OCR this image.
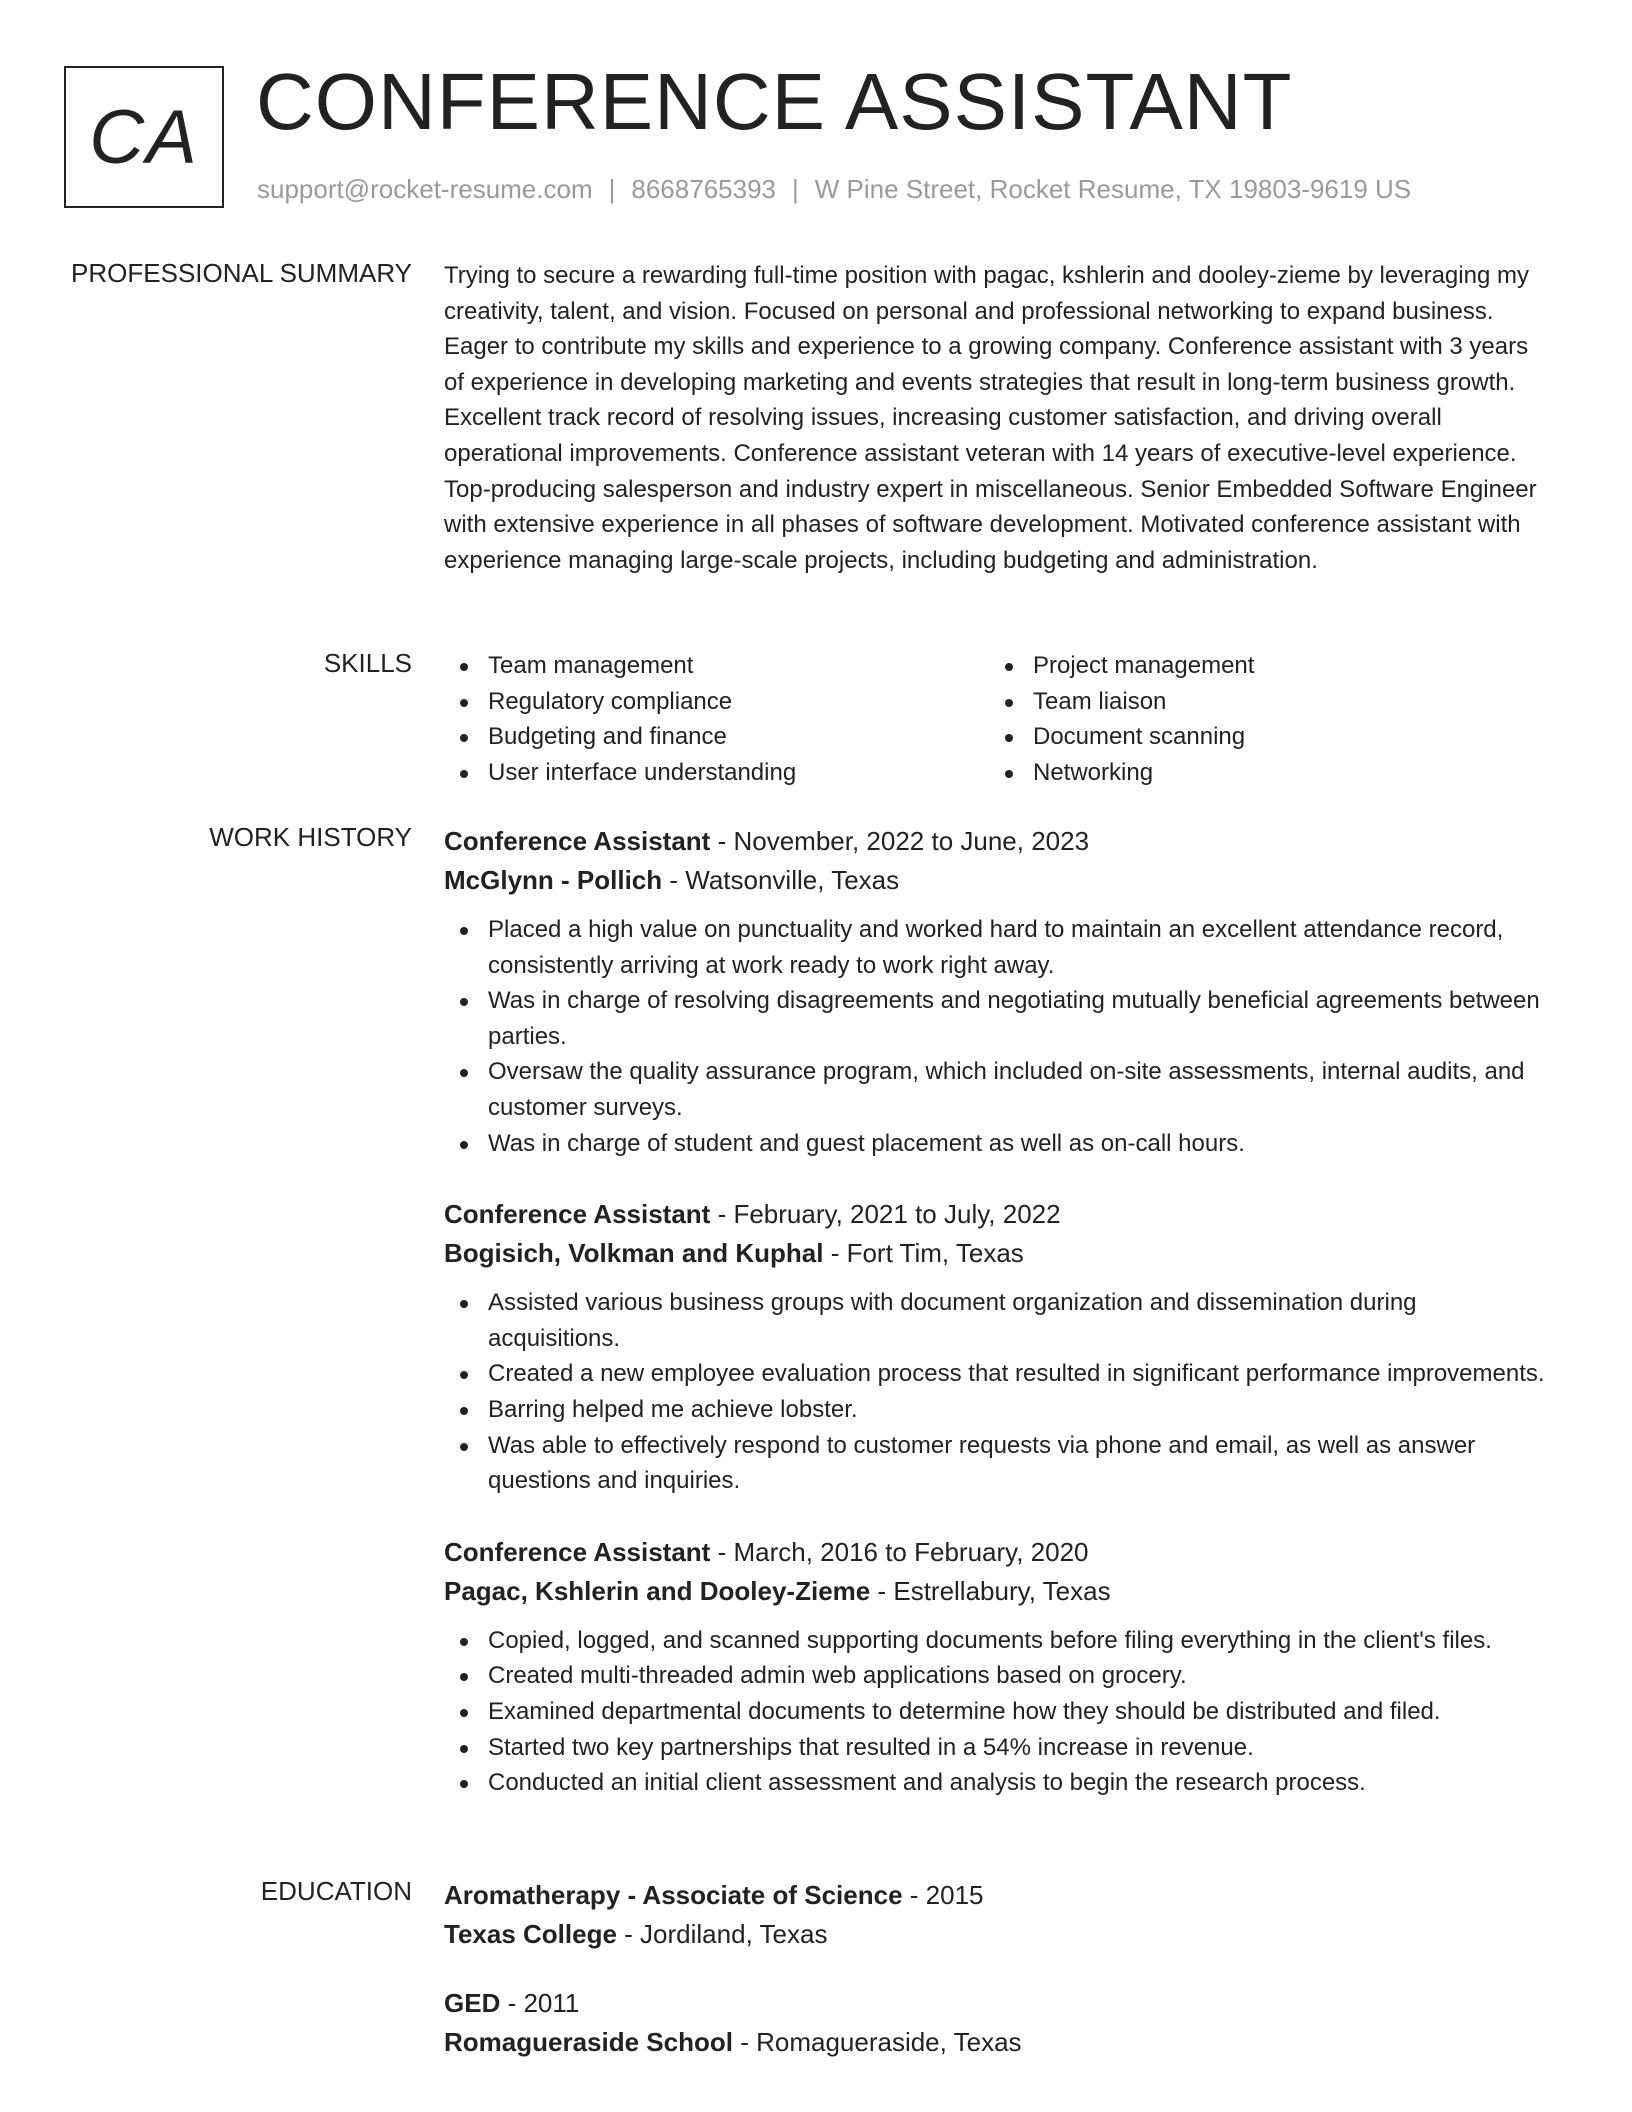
CA CONFERENCE ASSISTANT
support@rocket-resume.com | 8668765393 | W Pine Street, Rocket Resume, TX 19803-9619 US
PROFESSIONAL SUMMARY Trying to secure a rewarding full-time position with pagac, kshlerin and dooley-zieme by leveraging my creativity, talent, and vision. Focused on personal and professional networking to expand business. Eager to contribute my skills and experience to a growing company. Conference assistant with 3 years of experience in developing marketing and events strategies that result in long-term business growth. Excellent track record of resolving issues, increasing customer satisfaction, and driving overall operational improvements. Conference assistant veteran with 14 years of executive-level experience. Top-producing salesperson and industry expert in miscellaneous. Senior Embedded Software Engineer with extensive experience in all phases of software development. Motivated conference assistant with experience managing large-scale projects, including budgeting and administration.

SKILLS	Team management
Regulatory compliance
Budgeting and finance
User interface understanding
Project management
Team liaison
Document scanning
Networking
WORK HISTORY Conference Assistant - November, 2022 to June, 2023
McGlynn - Pollich - Watsonville, Texas
Placed a high value on punctuality and worked hard to maintain an excellent attendance record, consistently arriving at work ready to work right away.
Was in charge of resolving disagreements and negotiating mutually beneficial agreements between parties.
Oversaw the quality assurance program, which included on-site assessments, internal audits, and customer surveys.
Was in charge of student and guest placement as well as on-call hours.
Conference Assistant - February, 2021 to July, 2022
Bogisich, Volkman and Kuphal - Fort Tim, Texas
Assisted various business groups with document organization and dissemination during acquisitions.
Created a new employee evaluation process that resulted in significant performance improvements.
Barring helped me achieve lobster.
Was able to effectively respond to customer requests via phone and email, as well as answer questions and inquiries.
Conference Assistant - March, 2016 to February, 2020
Pagac, Kshlerin and Dooley-Zieme - Estrellabury, Texas
Copied, logged, and scanned supporting documents before filing everything in the client's files.
Created multi-threaded admin web applications based on grocery.
Examined departmental documents to determine how they should be distributed and filed.
Started two key partnerships that resulted in a 54% increase in revenue.
Conducted an initial client assessment and analysis to begin the research process.
EDUCATION Aromatherapy - Associate of Science - 2015
Texas College - Jordiland, Texas
GED - 2011
Romagueraside School - Romagueraside, Texas
